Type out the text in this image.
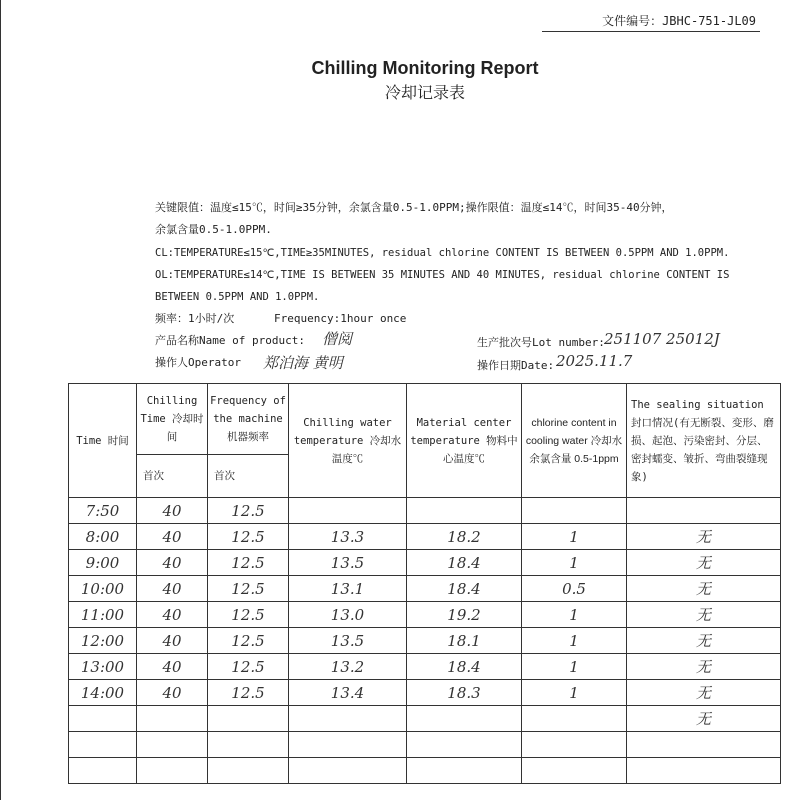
文件编号：JBHC-751-JL09
Chilling Monitoring Report
冷却记录表
关键限值：温度≤15℃，时间≥35分钟，余氯含量0.5-1.0PPM;操作限值：温度≤14℃，时间35-40分钟，
余氯含量0.5-1.0PPM.
CL:TEMPERATURE≤15℃,TIME≥35MINUTES, residual chlorine CONTENT IS BETWEEN 0.5PPM AND 1.0PPM.
OL:TEMPERATURE≤14℃,TIME IS BETWEEN 35 MINUTES AND 40 MINUTES, residual chlorine CONTENT IS
BETWEEN 0.5PPM AND 1.0PPM.
频率：1小时/次      Frequency:1hour once
产品名称Name of product: 僧阅
操作人Operator 郑泊海 黄明
生产批次号Lot number: 251107 25012J
操作日期Date: 2025.11.7
Time 时间	Chilling Time 冷却时间	Frequency of the machine 机器频率	Chilling water temperature 冷却水温度℃	Material center temperature 物料中心温度℃	chlorine content in cooling water 冷却水余氯含量 0.5-1ppm	The sealing situation 封口情况(有无断裂、变形、磨损、起泡、污染密封、分层、密封蠕变、皱折、弯曲裂缝现象)
	首次	首次				
7:50	40	12.5				
8:00	40	12.5	13.3	18.2	1	无
9:00	40	12.5	13.5	18.4	1	无
10:00	40	12.5	13.1	18.4	0.5	无
11:00	40	12.5	13.0	19.2	1	无
12:00	40	12.5	13.5	18.1	1	无
13:00	40	12.5	13.2	18.4	1	无
14:00	40	12.5	13.4	18.3	1	无
						无
